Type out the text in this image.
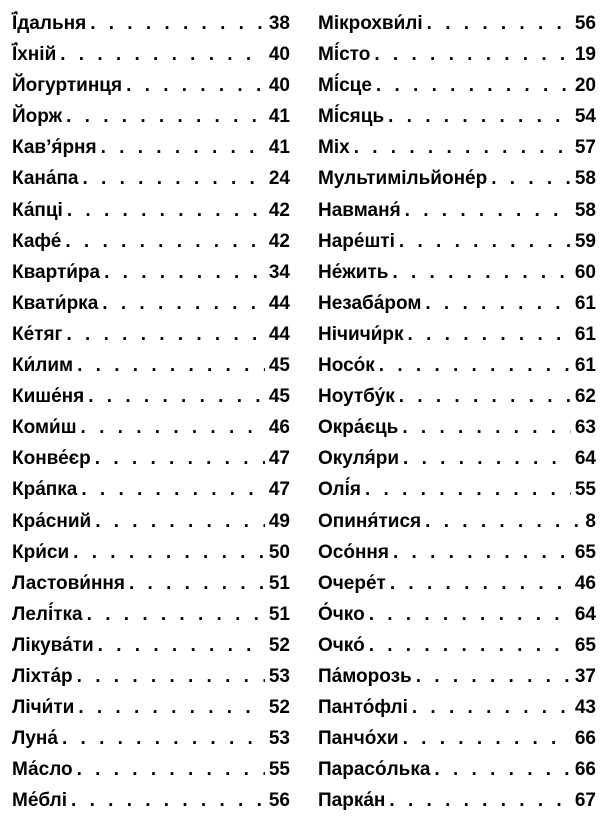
Ї́дальня . . .	38
Ї́хній . . .	40
Йогуртинця . . .	40
Йорж . . .	41
Кав’я́рня . . .	41
Кана́па . . .	24
Ка́пці . . .	42
Кафе́ . . .	42
Кварти́ра . . .	34
Квати́рка . . .	44
Ке́тяг . . .	44
Ки́лим . . .	45
Кише́ня . . .	45
Коми́ш . . .	46
Конве́єр . . .	47
Кра́пка . . .	47
Кра́сний . . .	49
Кри́си . . .	50
Ластови́ння . . .	51
Лелі́тка . . .	51
Лікува́ти . . .	52
Ліхта́р . . .	53
Лічи́ти . . .	52
Луна́ . . .	53
Ма́сло . . .	55
Ме́блі . . .	56
Мікрохви́лі . . .	56
Мі́сто . . .	19
Мі́сце . . .	20
Мі́сяць . . .	54
Міх . . .	57
Мультимільйоне́р . . .	58
Навманя́ . . .	58
Наре́шті . . .	59
Не́жить . . .	60
Незаба́ром . . .	61
Нічичи́рк . . .	61
Носо́к . . .	61
Ноутбу́к . . .	62
Окра́єць . . .	63
Окуля́ри . . .	64
Олі́я . . .	55
Опиня́тися . . .	8
Осо́ння . . .	65
Очере́т . . .	46
О́чко . . .	64
Очко́ . . .	65
Па́морозь . . .	37
Панто́флі . . .	43
Панчо́хи . . .	66
Парасо́лька . . .	66
Парка́н . . .	67
